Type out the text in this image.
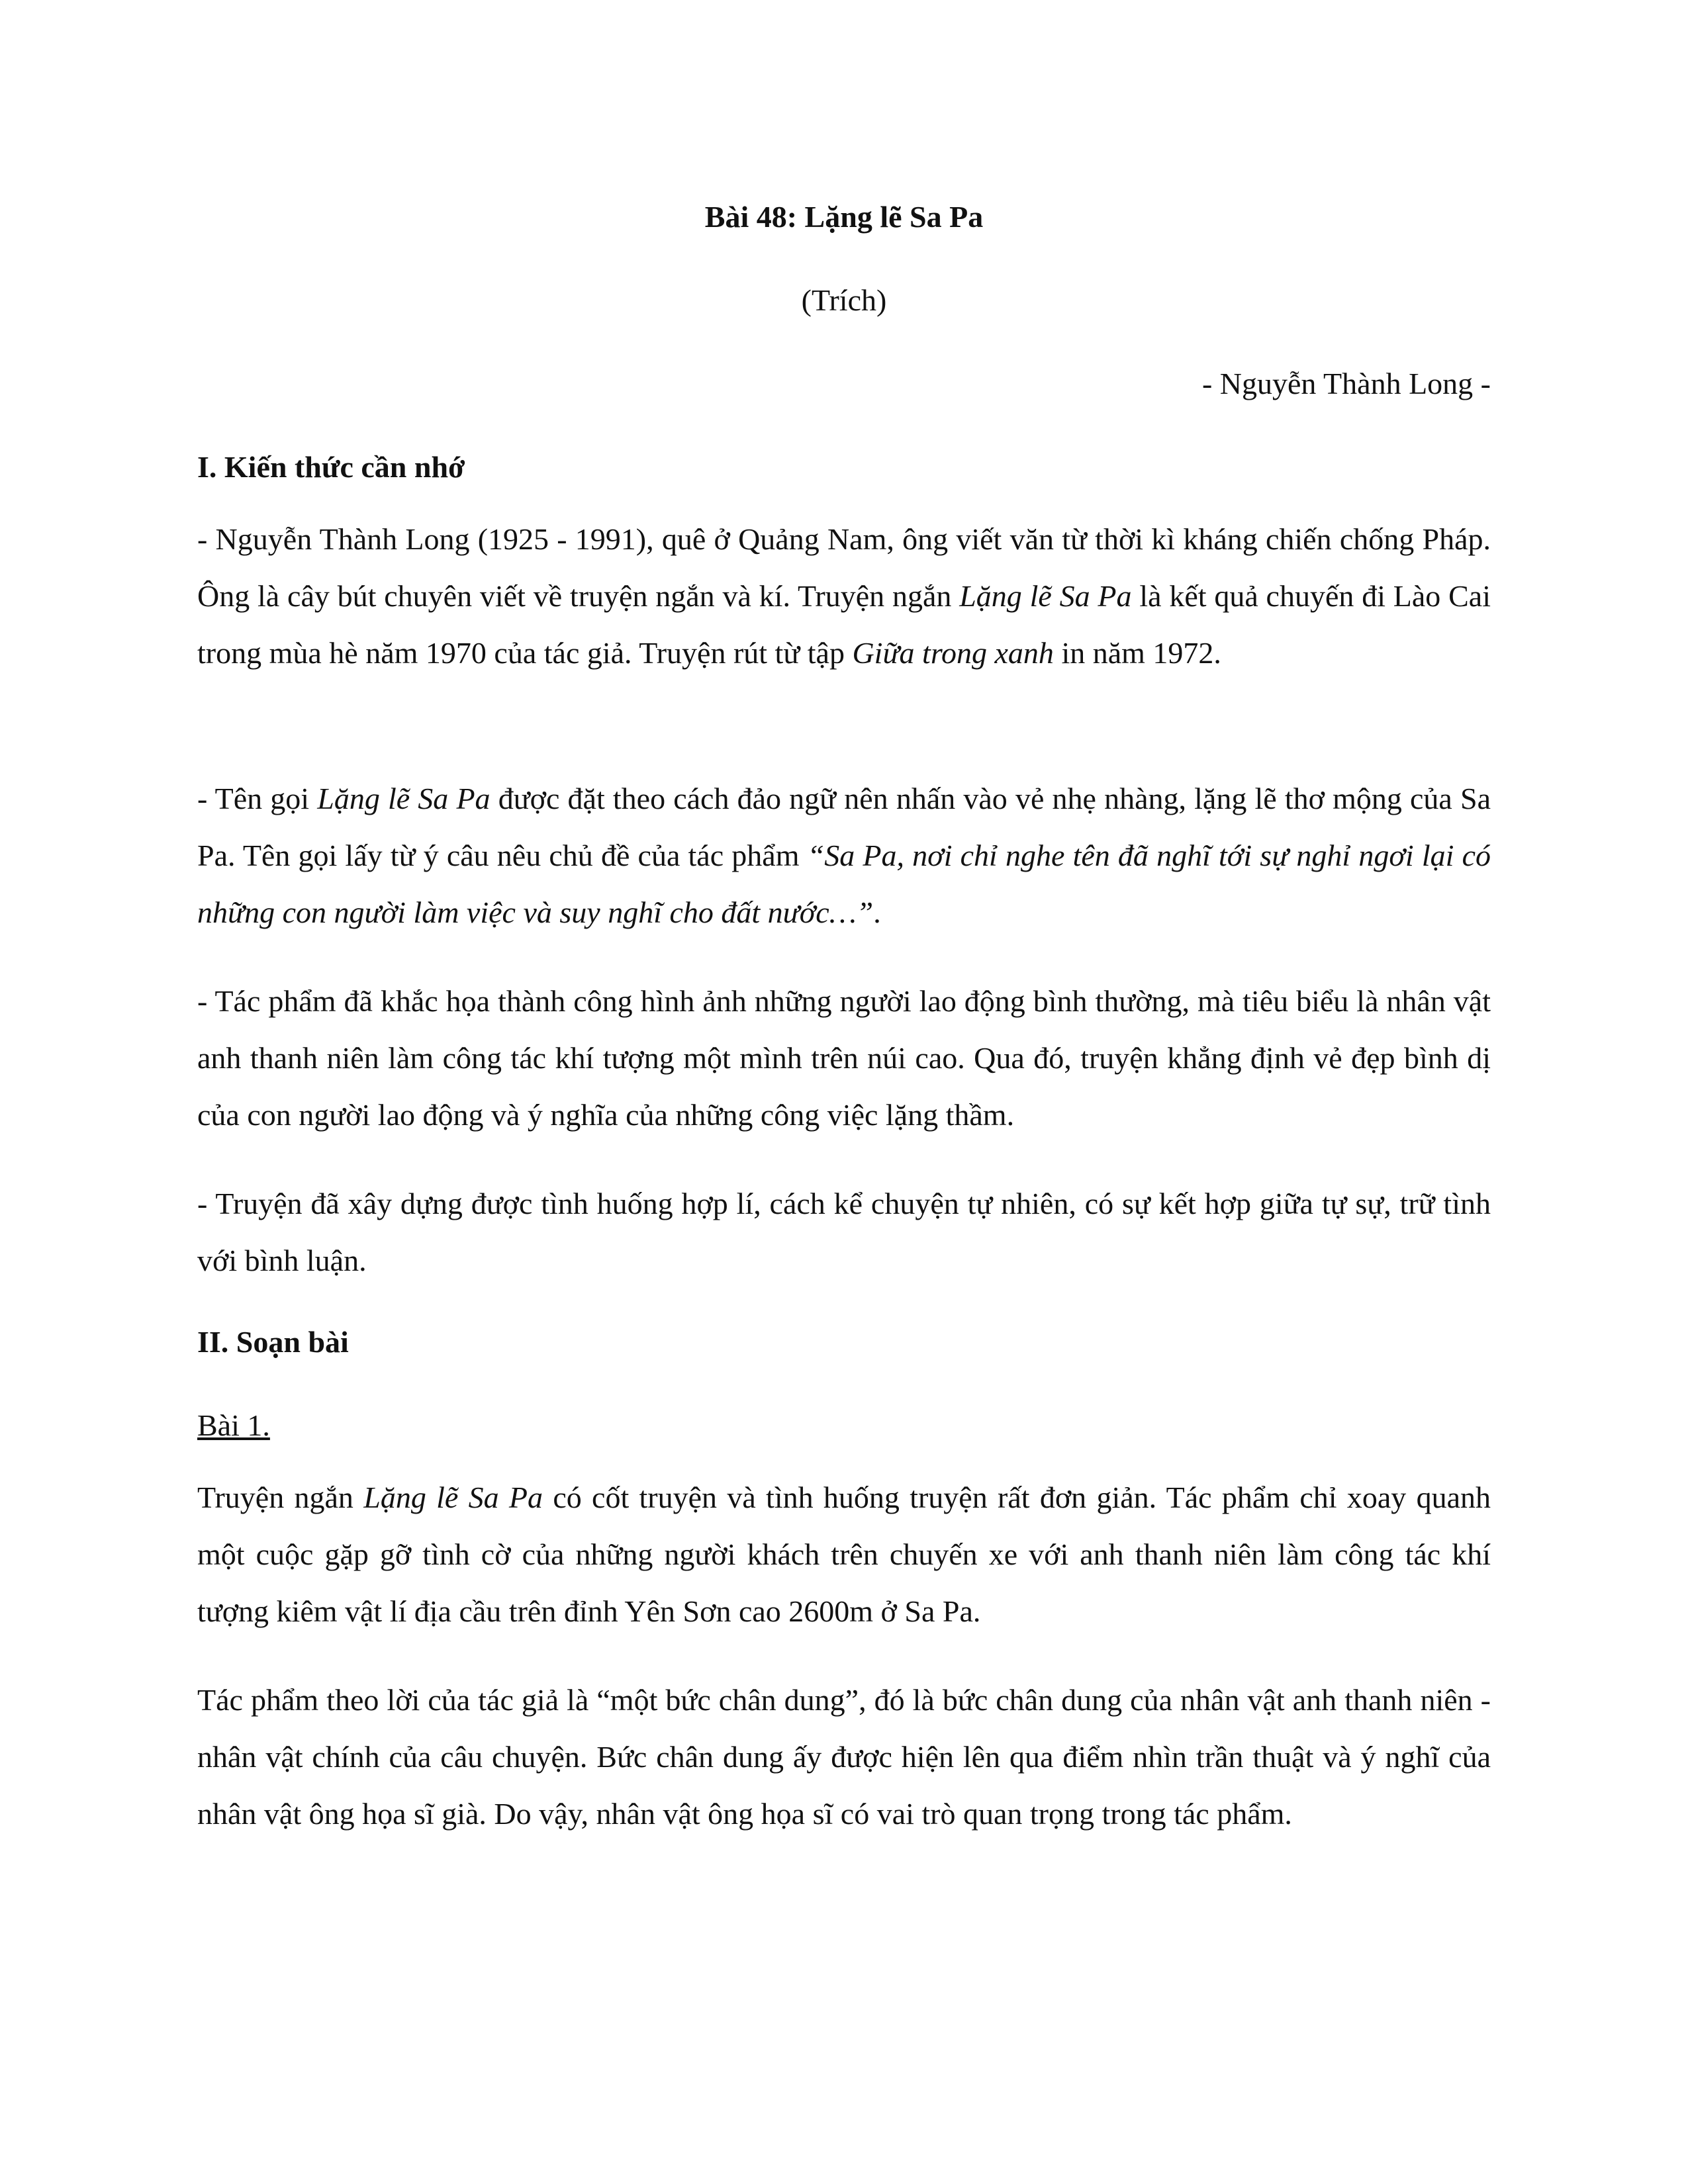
Bài 48: Lặng lẽ Sa Pa
(Trích)
- Nguyễn Thành Long -
I. Kiến thức cần nhớ

- Nguyễn Thành Long (1925 - 1991), quê ở Quảng Nam, ông viết văn từ thời kì kháng chiến chống Pháp. Ông là cây bút chuyên viết về truyện ngắn và kí. Truyện ngắn Lặng lẽ Sa Pa là kết quả chuyến đi Lào Cai trong mùa hè năm 1970 của tác giả. Truyện rút từ tập Giữa trong xanh in năm 1972.

- Tên gọi Lặng lẽ Sa Pa được đặt theo cách đảo ngữ nên nhấn vào vẻ nhẹ nhàng, lặng lẽ thơ mộng của Sa Pa. Tên gọi lấy từ ý câu nêu chủ đề của tác phẩm “Sa Pa, nơi chỉ nghe tên đã nghĩ tới sự nghỉ ngơi lại có những con người làm việc và suy nghĩ cho đất nước…”.

- Tác phẩm đã khắc họa thành công hình ảnh những người lao động bình thường, mà tiêu biểu là nhân vật anh thanh niên làm công tác khí tượng một mình trên núi cao. Qua đó, truyện khẳng định vẻ đẹp bình dị của con người lao động và ý nghĩa của những công việc lặng thầm.

- Truyện đã xây dựng được tình huống hợp lí, cách kể chuyện tự nhiên, có sự kết hợp giữa tự sự, trữ tình với bình luận.

II. Soạn bài
Bài 1.

Truyện ngắn Lặng lẽ Sa Pa có cốt truyện và tình huống truyện rất đơn giản. Tác phẩm chỉ xoay quanh một cuộc gặp gỡ tình cờ của những người khách trên chuyến xe với anh thanh niên làm công tác khí tượng kiêm vật lí địa cầu trên đỉnh Yên Sơn cao 2600m ở Sa Pa.

Tác phẩm theo lời của tác giả là “một bức chân dung”, đó là bức chân dung của nhân vật anh thanh niên - nhân vật chính của câu chuyện. Bức chân dung ấy được hiện lên qua điểm nhìn trần thuật và ý nghĩ của nhân vật ông họa sĩ già. Do vậy, nhân vật ông họa sĩ có vai trò quan trọng trong tác phẩm.
